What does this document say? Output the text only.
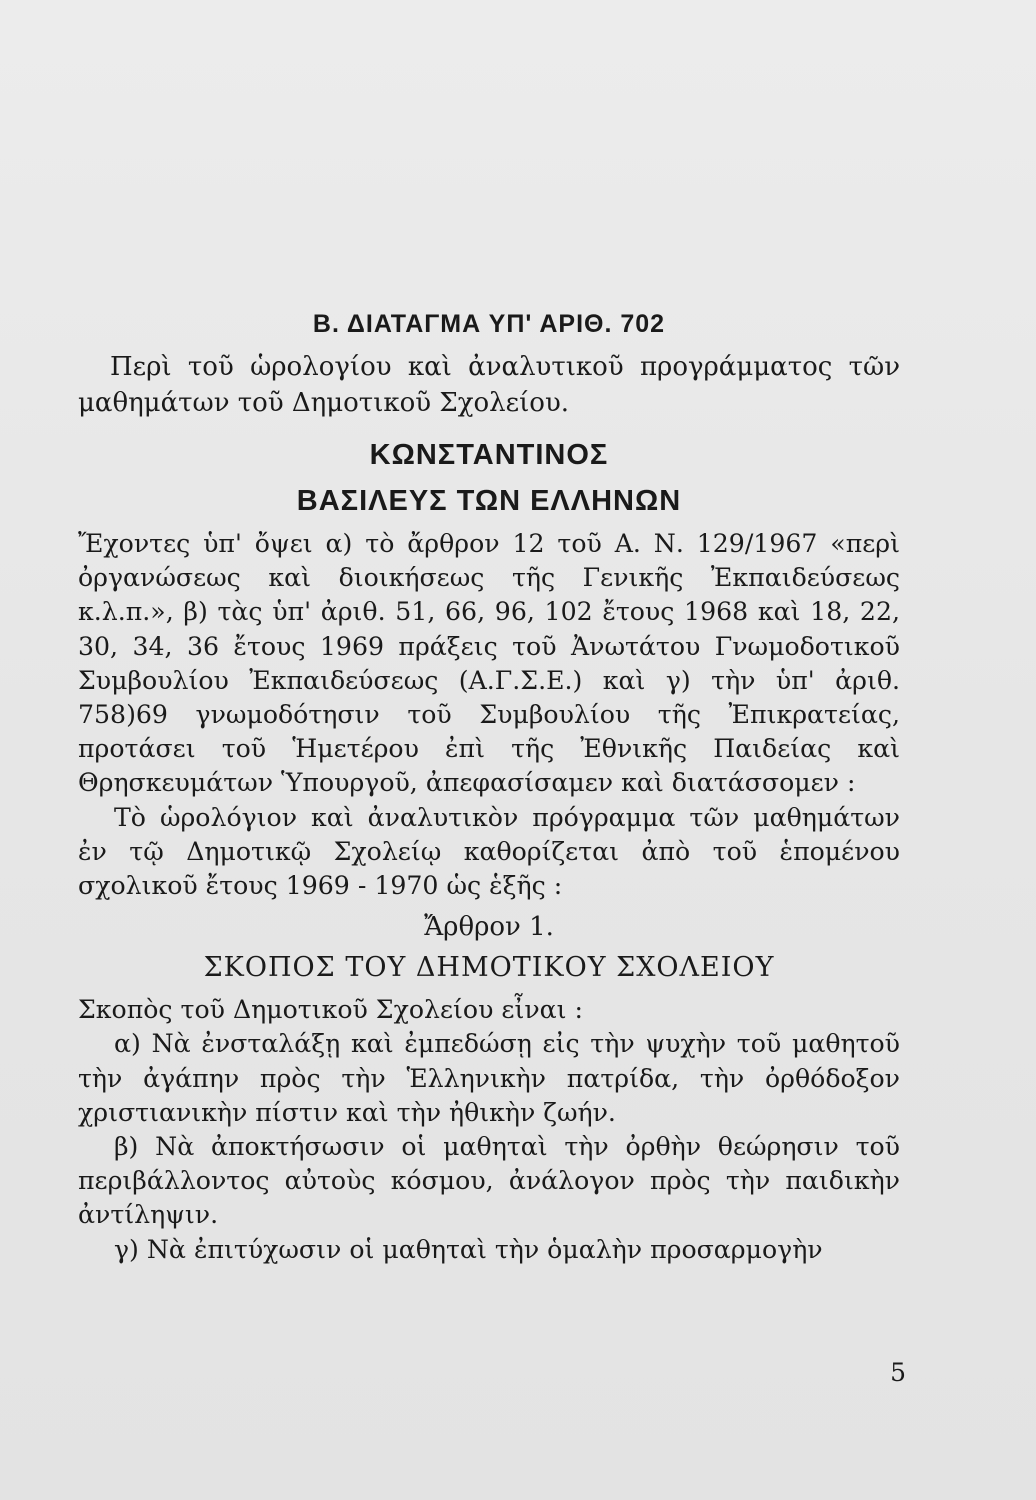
Β. ΔΙΑΤΑΓΜΑ ΥΠ' ΑΡΙΘ. 702

Περὶ τοῦ ὡρολογίου καὶ ἀναλυτικοῦ προγράμματος τῶν μαθημάτων τοῦ Δημοτικοῦ Σχολείου.

ΚΩΝΣΤΑΝΤΙΝΟΣ

ΒΑΣΙΛΕΥΣ ΤΩΝ ΕΛΛΗΝΩΝ

Ἔχοντες ὑπ' ὄψει α) τὸ ἄρθρον 12 τοῦ Α. Ν. 129/1967 «περὶ ὀργανώσεως καὶ διοικήσεως τῆς Γενικῆς Ἐκπαιδεύσεως κ.λ.π.», β) τὰς ὑπ' ἀριθ. 51, 66, 96, 102 ἔτους 1968 καὶ 18, 22, 30, 34, 36 ἔτους 1969 πράξεις τοῦ Ἀνωτάτου Γνωμοδοτικοῦ Συμβουλίου Ἐκπαιδεύσεως (Α.Γ.Σ.Ε.) καὶ γ) τὴν ὑπ' ἀριθ. 758)69 γνωμοδότησιν τοῦ Συμβουλίου τῆς Ἐπικρατείας, προτάσει τοῦ Ἡμετέρου ἐπὶ τῆς Ἐθνικῆς Παιδείας καὶ Θρησκευμάτων Ὑπουργοῦ, ἀπεφασίσαμεν καὶ διατάσσομεν :

Τὸ ὡρολόγιον καὶ ἀναλυτικὸν πρόγραμμα τῶν μαθημάτων ἐν τῷ Δημοτικῷ Σχολείῳ καθορίζεται ἀπὸ τοῦ ἑπομένου σχολικοῦ ἔτους 1969 - 1970 ὡς ἑξῆς :

Ἄρθρον 1.

ΣΚΟΠΟΣ ΤΟΥ ΔΗΜΟΤΙΚΟΥ ΣΧΟΛΕΙΟΥ

Σκοπὸς τοῦ Δημοτικοῦ Σχολείου εἶναι :

α) Νὰ ἐνσταλάξῃ καὶ ἐμπεδώσῃ εἰς τὴν ψυχὴν τοῦ μαθητοῦ τὴν ἀγάπην πρὸς τὴν Ἑλληνικὴν πατρίδα, τὴν ὀρθόδοξον χριστιανικὴν πίστιν καὶ τὴν ἠθικὴν ζωήν.

β) Νὰ ἀποκτήσωσιν οἱ μαθηταὶ τὴν ὀρθὴν θεώρησιν τοῦ περιβάλλοντος αὐτοὺς κόσμου, ἀνάλογον πρὸς τὴν παιδικὴν ἀντίληψιν.

γ) Νὰ ἐπιτύχωσιν οἱ μαθηταὶ τὴν ὁμαλὴν προσαρμογὴν

5
